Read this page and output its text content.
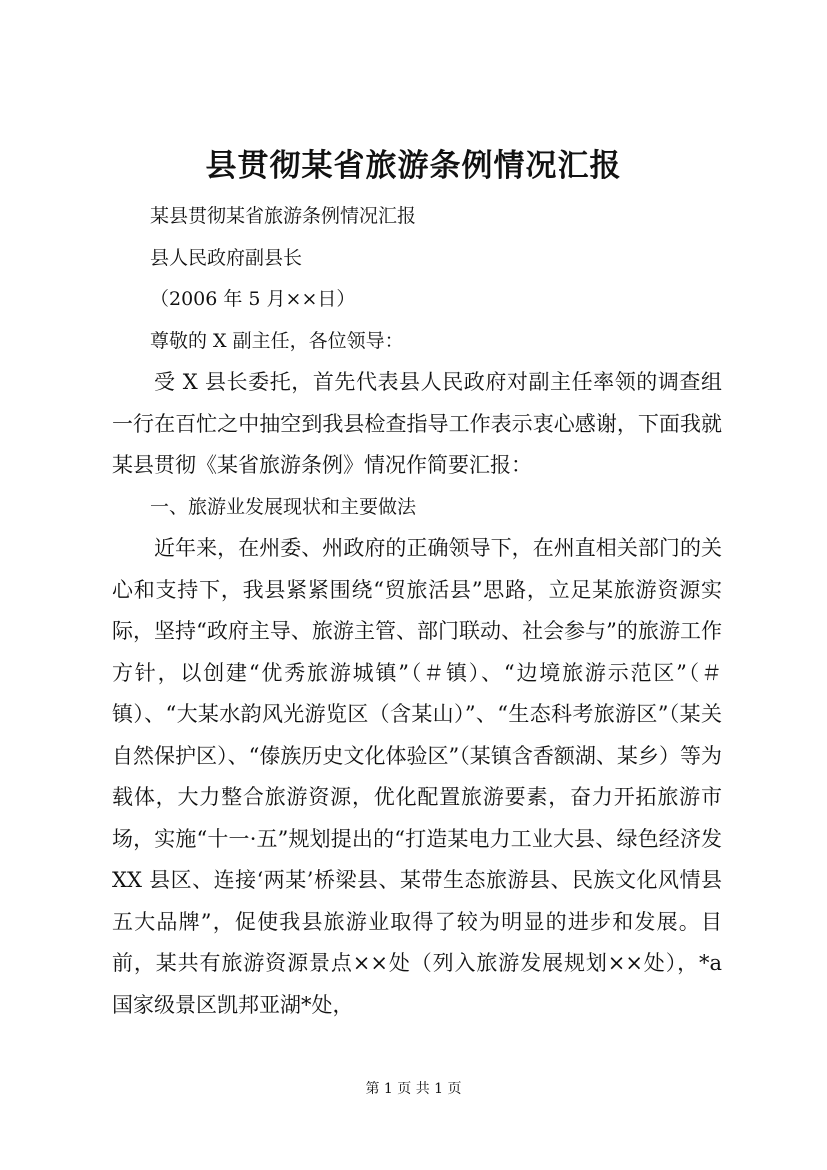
县贯彻某省旅游条例情况汇报

某县贯彻某省旅游条例情况汇报

县人民政府副县长

（2006 年 5 月××日）

尊敬的 X 副主任，各位领导：

受 X 县长委托，首先代表县人民政府对副主任率领的调查组一行在百忙之中抽空到我县检查指导工作表示衷心感谢，下面我就某县贯彻《某省旅游条例》情况作简要汇报：

一、旅游业发展现状和主要做法

近年来，在州委、州政府的正确领导下，在州直相关部门的关心和支持下，我县紧紧围绕“贸旅活县”思路，立足某旅游资源实际，坚持“政府主导、旅游主管、部门联动、社会参与”的旅游工作方针，以创建“优秀旅游城镇”（＃镇）、“边境旅游示范区”（＃镇）、“大某水韵风光游览区（含某山）”、“生态科考旅游区”（某关自然保护区）、“傣族历史文化体验区”（某镇含香额湖、某乡）等为载体，大力整合旅游资源，优化配置旅游要素，奋力开拓旅游市场，实施“十一·五”规划提出的“打造某电力工业大县、绿色经济发 XX 县区、连接‘两某’桥梁县、某带生态旅游县、民族文化风情县五大品牌”，促使我县旅游业取得了较为明显的进步和发展。目前，某共有旅游资源景点××处（列入旅游发展规划××处），*a 国家级景区凯邦亚湖*处，

第 1 页 共 1 页
